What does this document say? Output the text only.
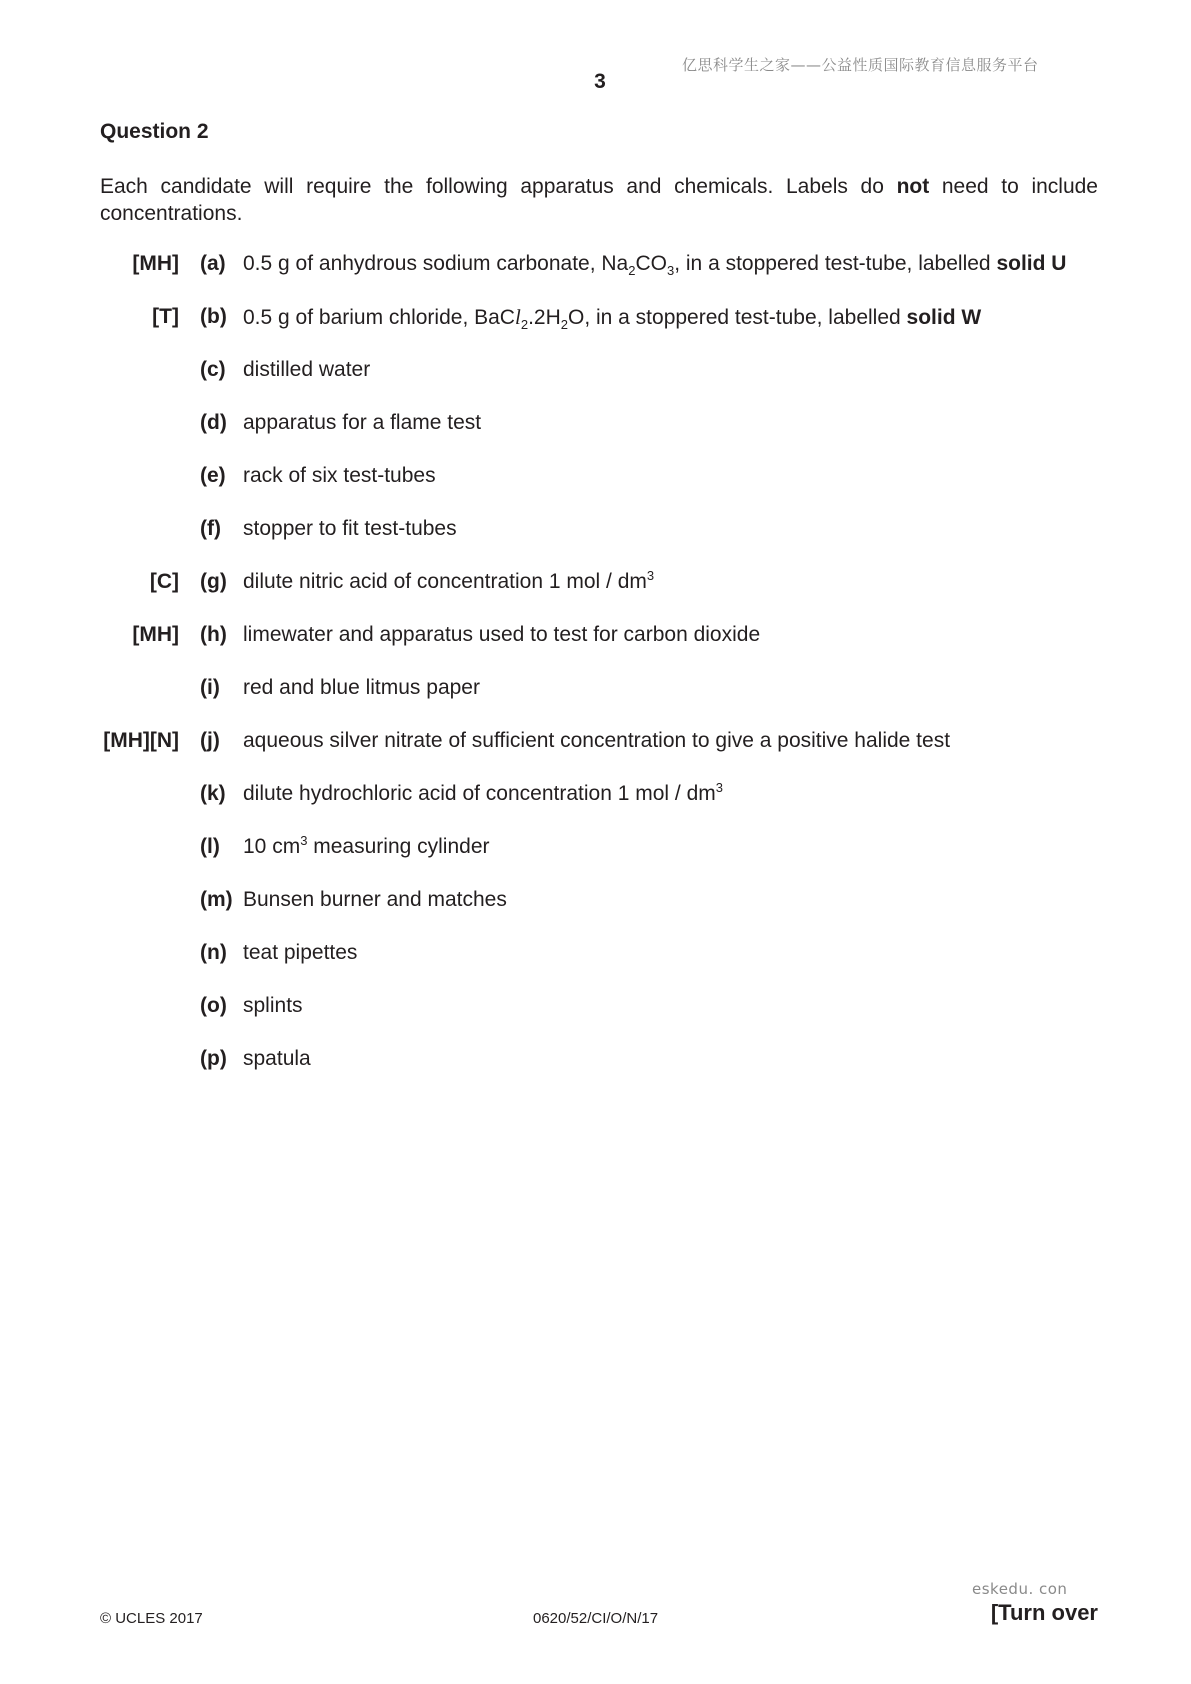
亿思科学生之家——公益性质国际教育信息服务平台
3
Question 2
Each candidate will require the following apparatus and chemicals. Labels do not need to include concentrations.
[MH] (a) 0.5 g of anhydrous sodium carbonate, $Na_2CO_3$, in a stoppered test-tube, labelled solid U
[T] (b) 0.5 g of barium chloride, $BaCl_2.2H_2O$, in a stoppered test-tube, labelled solid W
(c) distilled water
(d) apparatus for a flame test
(e) rack of six test-tubes
(f) stopper to fit test-tubes
[C] (g) dilute nitric acid of concentration 1 mol / $dm^3$
[MH] (h) limewater and apparatus used to test for carbon dioxide
(i) red and blue litmus paper
[MH][N] (j) aqueous silver nitrate of sufficient concentration to give a positive halide test
(k) dilute hydrochloric acid of concentration 1 mol / $dm^3$
(l) 10 $cm^3$ measuring cylinder
(m) Bunsen burner and matches
(n) teat pipettes
(o) splints
(p) spatula
eskedu. con
© UCLES 2017	0620/52/CI/O/N/17	[Turn over
